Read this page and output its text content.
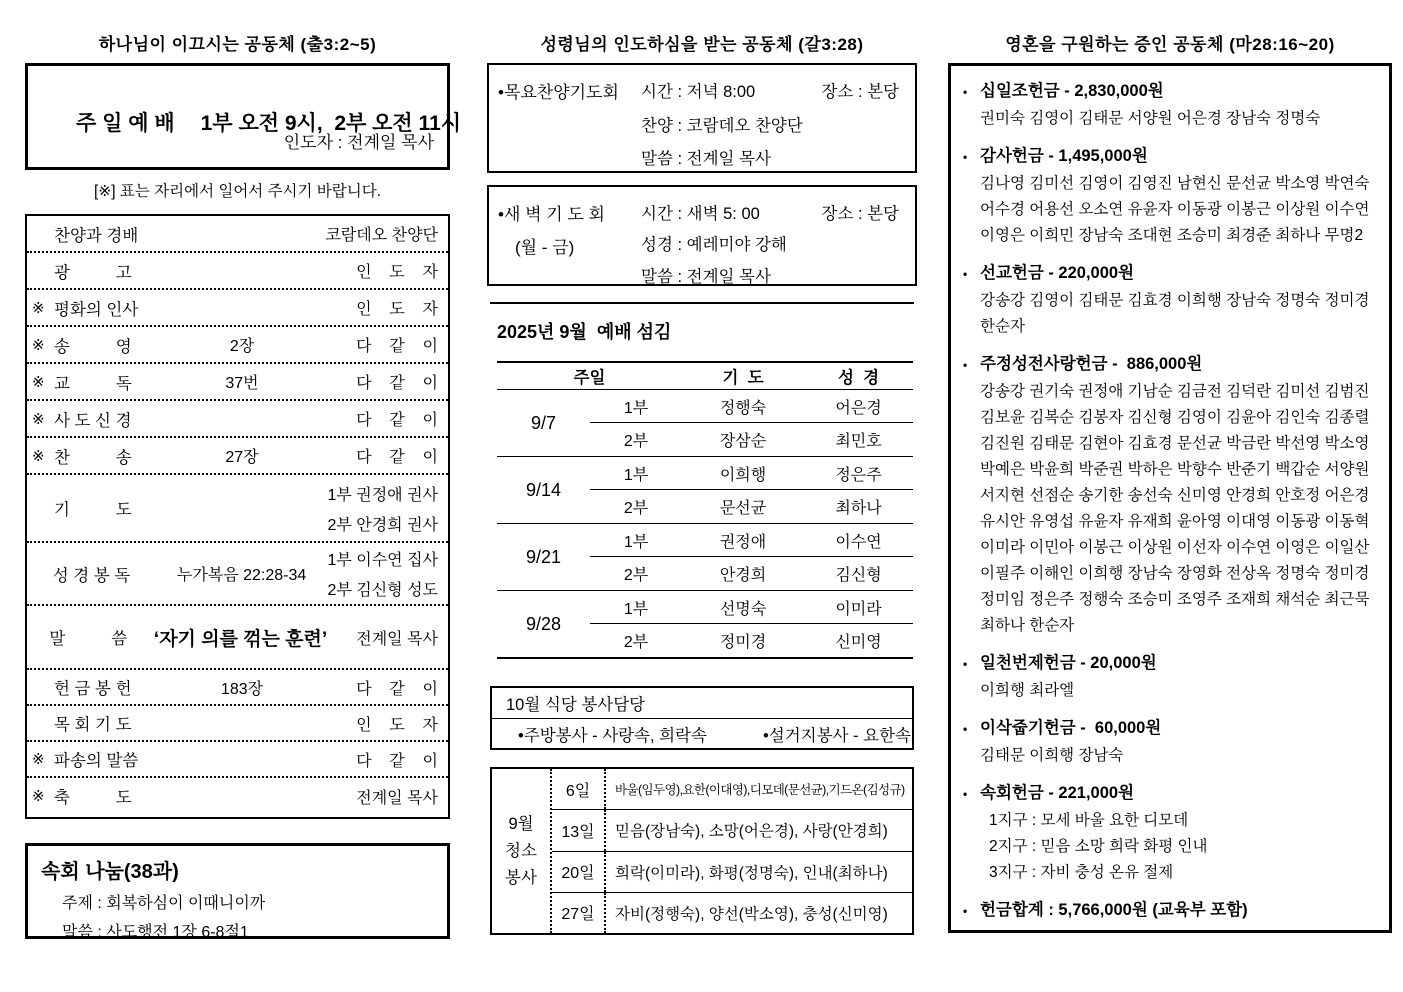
하나님이 이끄시는 공동체 (출3:2~5)

주 일 예 배 1부 오전 9시,  2부 오전 11시

인도자 : 전계일 목사
[※] 표는 자리에서 일어서 주시기 바랍니다.
찬양과 경배	코람데오 찬양단
광          고	인    도    자
※ 평화의 인사	인    도    자
※ 송          영	2장	다    같    이
※ 교          독	37번	다    같    이
※ 사 도 신 경	다    같    이
※ 찬          송	27장	다    같    이
기          도
1부 권정애 권사
2부 안경희 권사
성 경 봉 독	누가복음 22:28-34
1부 이수연 집사
2부 김신형 성도
말          씀	‘자기 의를 꺾는 훈련’	전계일 목사
헌 금 봉 헌	183장	다    같    이
목 회 기 도	인    도    자
※ 파송의 말씀	다    같    이
※ 축          도	전계일 목사
속회 나눔(38과)
주제 : 회복하심이 이때니이까
말씀 : 사도행전 1장 6-8절1
성령님의 인도하심을 받는 공동체 (갈3:28)
•목요찬양기도회 시간 : 저녁 8:00	장소 : 본당
찬양 : 코람데오 찬양단
말씀 : 전계일 목사
•새 벽 기 도 회
(월 - 금)
시간 : 새벽 5: 00	장소 : 본당
성경 : 예레미야 강해
말씀 : 전계일 목사
2025년 9월  예배 섬김
주일	기  도	성  경
9/7
1부	정행숙	어은경
2부	장삼순	최민호
9/14
1부	이희행	정은주
2부	문선균	최하나
9/21
1부	권정애	이수연
2부	안경희	김신형
9/28
1부	선명숙	이미라
2부	정미경	신미영
10월 식당 봉사담당
•주방봉사 - 사랑속, 희락속	•설거지봉사 - 요한속
9월
청소
봉사
6일	바울(임두영),요한(이대영),디모데(문선균),기드온(김성규)
13일	믿음(장남숙), 소망(어은경), 사랑(안경희)
20일	희락(이미라), 화평(정명숙), 인내(최하나)
27일	자비(정행숙), 양선(박소영), 충성(신미영)
영혼을 구원하는 증인 공동체 (마28:16~20)
• 십일조헌금 - 2,830,000원
권미숙 김영이 김태문 서양원 어은경 장남숙 정명숙
• 감사헌금 - 1,495,000원
김나영 김미선 김영이 김영진 남현신 문선균 박소영 박연숙
어수경 어용선 오소연 유윤자 이동광 이봉근 이상원 이수연
이영은 이희민 장남숙 조대현 조승미 최경준 최하나 무명2
• 선교헌금 - 220,000원
강송강 김영이 김태문 김효경 이희행 장남숙 정명숙 정미경
한순자
• 주정성전사랑헌금 -  886,000원
강송강 권기숙 권정애 기남순 김금전 김덕란 김미선 김범진
김보윤 김복순 김봉자 김신형 김영이 김윤아 김인숙 김종렬
김진원 김태문 김현아 김효경 문선균 박금란 박선영 박소영
박예은 박윤희 박준권 박하은 박향수 반준기 백갑순 서양원
서지현 선점순 송기한 송선숙 신미영 안경희 안호정 어은경
유시안 유영섭 유윤자 유재희 윤아영 이대영 이동광 이동혁
이미라 이민아 이봉근 이상원 이선자 이수연 이영은 이일산
이필주 이해인 이희행 장남숙 장영화 전상옥 정명숙 정미경
정미임 정은주 정행숙 조승미 조영주 조재희 채석순 최근묵
최하나 한순자
• 일천번제헌금 - 20,000원
이희행 최라엘
• 이삭줍기헌금 -  60,000원
김태문 이희행 장남숙
• 속회헌금 - 221,000원
1지구 : 모세 바울 요한 디모데
2지구 : 믿음 소망 희락 화평 인내
3지구 : 자비 충성 온유 절제
• 헌금합계 : 5,766,000원 (교육부 포함)
